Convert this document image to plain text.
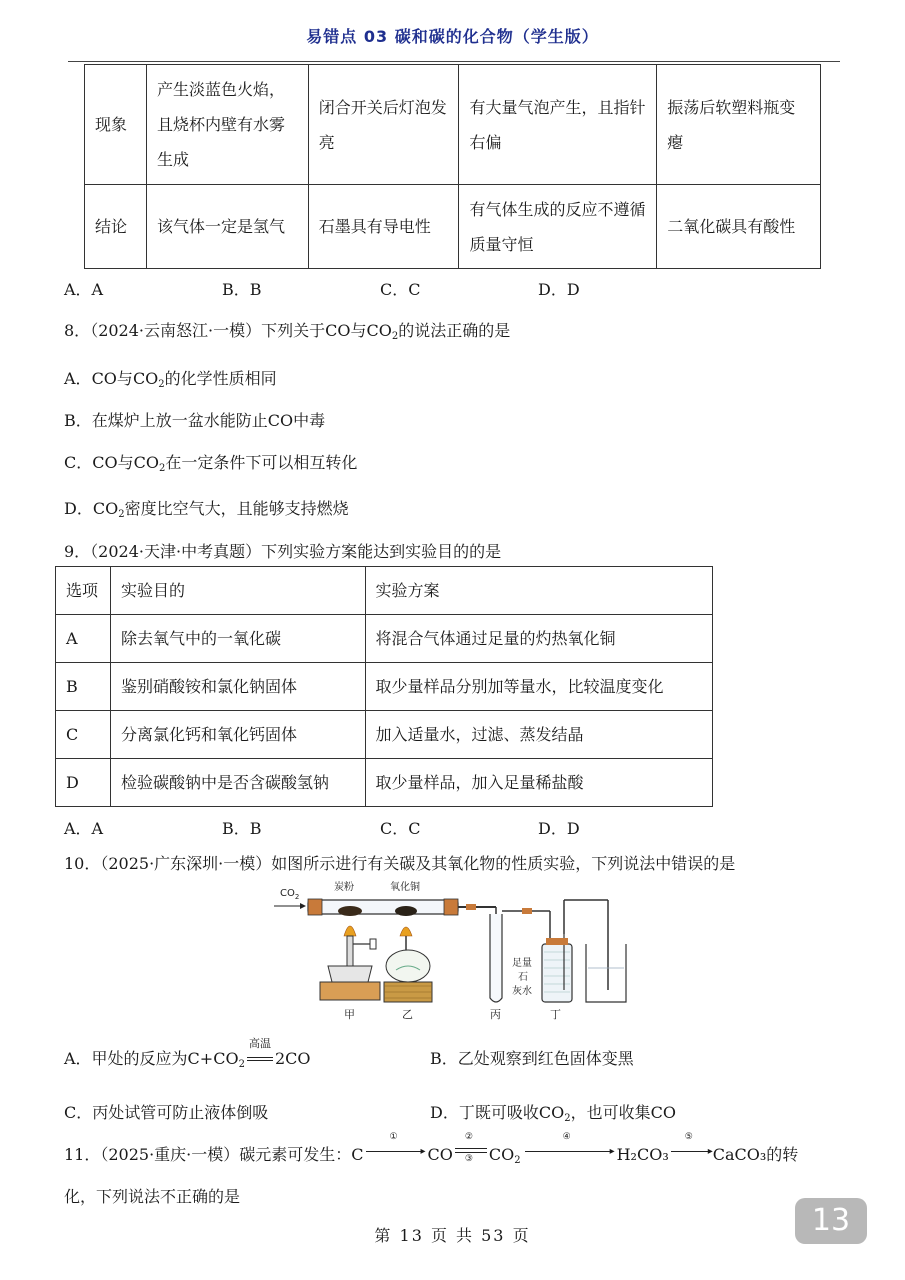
易错点 03 碳和碳的化合物（学生版）
现象	产生淡蓝色火焰，且烧杯内壁有水雾生成	闭合开关后灯泡发亮	有大量气泡产生，且指针右偏	振荡后软塑料瓶变瘪
结论	该气体一定是氢气	石墨具有导电性	有气体生成的反应不遵循质量守恒	二氧化碳具有酸性
A．A	B．B	C．C	D．D
8．（2024·云南怒江·一模）下列关于CO与$CO_2$的说法正确的是
A．CO与$CO_2$的化学性质相同
B．在煤炉上放一盆水能防止CO中毒
C．CO与$CO_2$在一定条件下可以相互转化
D．$CO_2$密度比空气大，且能够支持燃烧
9．（2024·天津·中考真题）下列实验方案能达到实验目的的是
选项	实验目的	实验方案
A	除去氧气中的一氧化碳	将混合气体通过足量的灼热氧化铜
B	鉴别硝酸铵和氯化钠固体	取少量样品分别加等量水，比较温度变化
C	分离氯化钙和氧化钙固体	加入适量水，过滤、蒸发结晶
D	检验碳酸钠中是否含碳酸氢钠	取少量样品，加入足量稀盐酸
A．A	B．B	C．C	D．D
10．（2025·广东深圳·一模）如图所示进行有关碳及其氧化物的性质实验，下列说法中错误的是
$CO_2$
炭粉	氧化铜
足量
石
灰水
甲	乙	丙	丁
A．甲处的反应为$C+CO_2$
高温
2CO	B．乙处观察到红色固体变黑
C．丙处试管可防止液体倒吸	D．丁既可吸收$CO_2$，也可收集CO
11．（2025·重庆·一模）碳元素可发生：C
①
▸ CO
②
③ $CO_2$
④
▸ H₂CO₃
⑤
▸ CaCO₃的转
化，下列说法不正确的是
第 13 页 共 53 页	13
